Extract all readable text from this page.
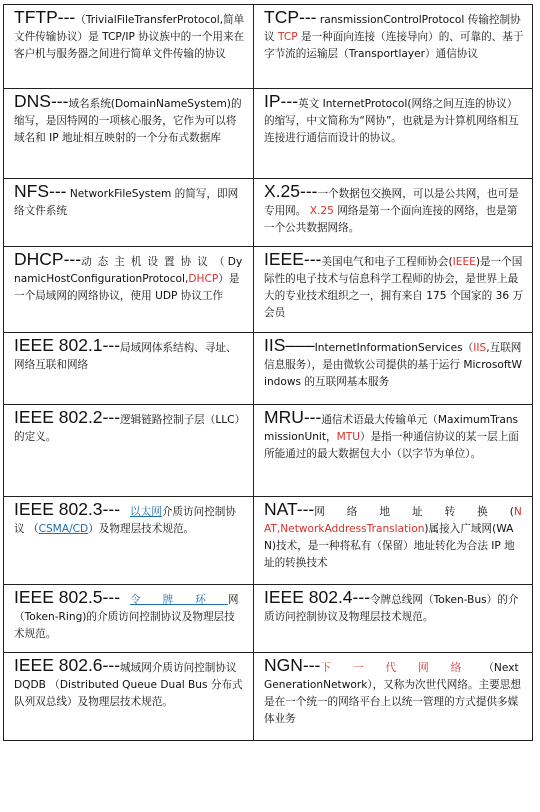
TFTP---（TrivialFileTransferProtocol,简单文件传输协议）是 TCP/IP 协议族中的一个用来在客户机与服务器之间进行简单文件传输的协议	TCP--- ransmissionControlProtocol 传输控制协议 TCP 是一种面向连接（连接导向）的、可靠的、基于字节流的运输层（Transportlayer）通信协议
DNS---域名系统(DomainNameSystem)的缩写，是因特网的一项核心服务，它作为可以将域名和 IP 地址相互映射的一个分布式数据库	IP---英文 InternetProtocol(网络之间互连的协议）的缩写，中文简称为“网协”，也就是为计算机网络相互连接进行通信而设计的协议。
NFS--- NetworkFileSystem 的简写，即网络文件系统	X.25---一个数据包交换网，可以是公共网，也可是专用网。 X.25 网络是第一个面向连接的网络，也是第一个公共数据网络。
DHCP---动态主机设置协议（ DynamicHostConfigurationProtocol,DHCP）是一个局域网的网络协议，使用 UDP 协议工作	IEEE---美国电气和电子工程师协会(IEEE)是一个国际性的电子技术与信息科学工程师的协会，是世界上最大的专业技术组织之一，拥有来自 175 个国家的 36 万会员
IEEE 802.1---局域网体系结构、寻址、网络互联和网络	IIS–––InternetInformationServices（IIS,互联网信息服务），是由微软公司提供的基于运行 MicrosoftWindows 的互联网基本服务
IEEE 802.2---逻辑链路控制子层（LLC）的定义。	MRU---通信术语最大传输单元（MaximumTransmissionUnit，MTU）是指一种通信协议的某一层上面所能通过的最大数据包大小（以字节为单位）。
IEEE 802.3--- 以太网介质访问控制协议 （CSMA/CD）及物理层技术规范。	NAT---网络地址转换(NAT,NetworkAddressTranslation)属接入广域网(WAN)技术，是一种将私有（保留）地址转化为合法 IP 地址的转换技术
IEEE 802.5--- 令牌环网（Token-Ring)的介质访问控制协议及物理层技术规范。	IEEE 802.4---令牌总线网（Token-Bus）的介质访问控制协议及物理层技术规范。
IEEE 802.6---城域网介质访问控制协议 DQDB （Distributed Queue Dual Bus 分布式队列双总线）及物理层技术规范。	NGN---下一代网络（NextGenerationNetwork），又称为次世代网络。主要思想是在一个统一的网络平台上以统一管理的方式提供多媒体业务
